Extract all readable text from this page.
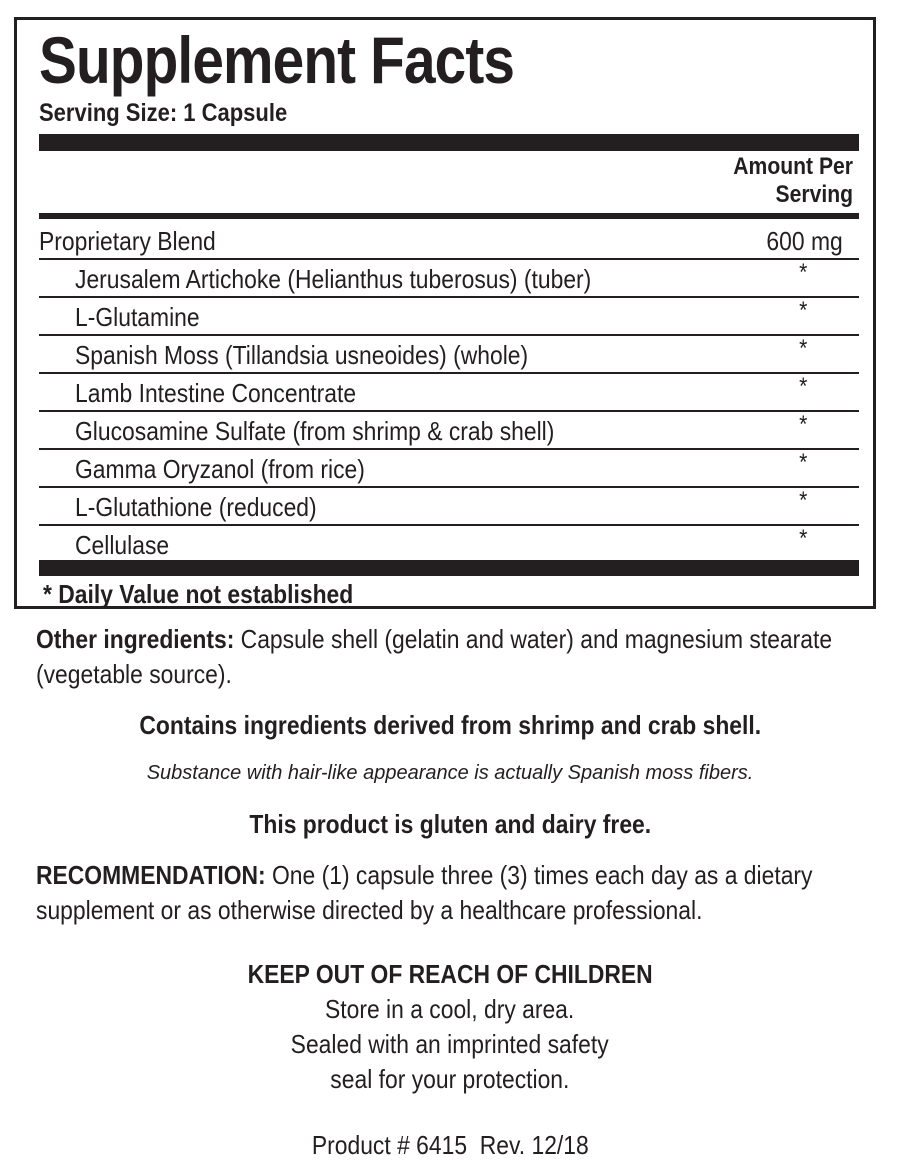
Supplement Facts
Serving Size: 1 Capsule
Amount Per
Serving
Proprietary Blend	600 mg
Jerusalem Artichoke (Helianthus tuberosus) (tuber)	*
L-Glutamine	*
Spanish Moss (Tillandsia usneoides) (whole)	*
Lamb Intestine Concentrate	*
Glucosamine Sulfate (from shrimp & crab shell)	*
Gamma Oryzanol (from rice)	*
L-Glutathione (reduced)	*
Cellulase	*
* Daily Value not established
Other ingredients: Capsule shell (gelatin and water) and magnesium stearate (vegetable source).
Contains ingredients derived from shrimp and crab shell.
Substance with hair-like appearance is actually Spanish moss fibers.
This product is gluten and dairy free.
RECOMMENDATION: One (1) capsule three (3) times each day as a dietary supplement or as otherwise directed by a healthcare professional.
KEEP OUT OF REACH OF CHILDREN
Store in a cool, dry area.
Sealed with an imprinted safety
seal for your protection.
Product # 6415  Rev. 12/18
